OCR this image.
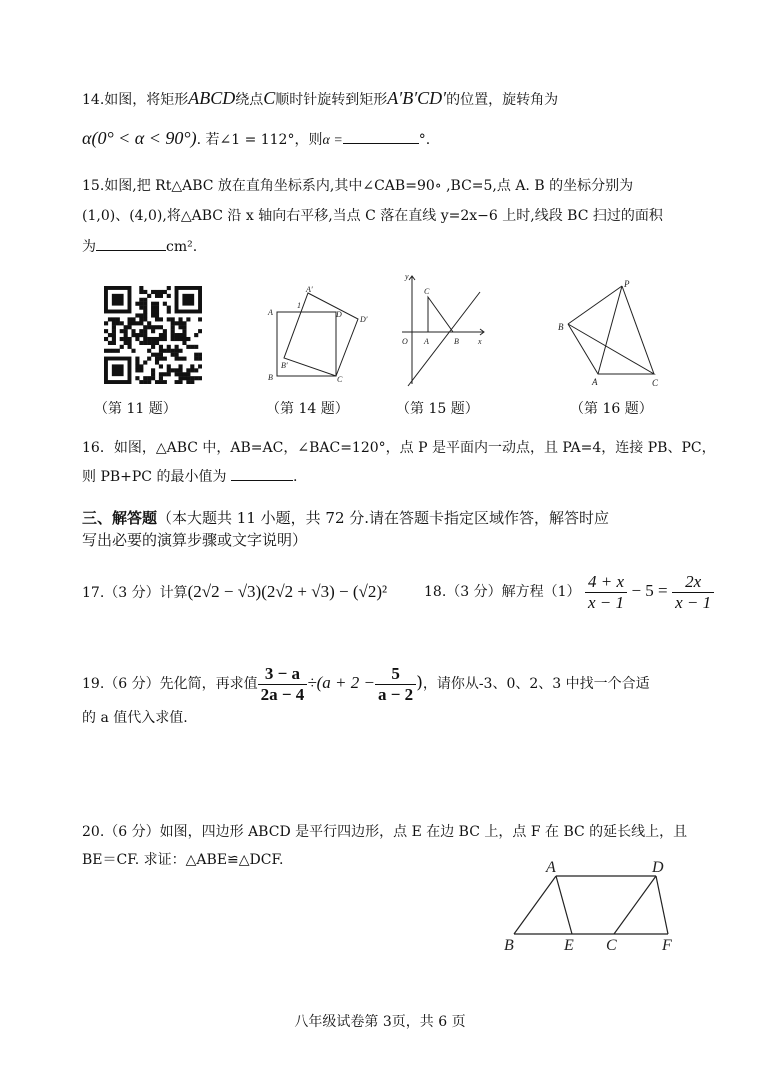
14.如图，将矩形ABCD绕点C顺时针旋转到矩形A′B′CD′的位置，旋转角为
α(0° < α < 90°). 若∠1 = 112°，则α =	°.
15.如图,把 Rt△ABC 放在直角坐标系内,其中∠CAB=90∘ ,BC=5,点 A. B 的坐标分别为
(1,0)、(4,0),将△ABC 沿 x 轴向右平移,当点 C 落在直线 y=2x−6 上时,线段 BC 扫过的面积
为	cm².
A
B	C
D
A′
B′
D′
1
y
x
C
O A	B
P
B
A	C
（第 11 题）	（第 14 题）	（第 15 题）	（第 16 题）
16．如图，△ABC 中，AB=AC，∠BAC=120°，点 P 是平面内一动点，且 PA=4，连接 PB、PC，
则 PB+PC 的最小值为	.
三、解答题（本大题共 11 小题，共 72 分.请在答题卡指定区域作答，解答时应
写出必要的演算步骤或文字说明）
17.（3 分）计算(2√2 − √3)(2√2 + √3) − (√2)²	18.（3 分）解方程$(1) \frac{4 + x}{x - 1} - 5 = \frac{2x}{x - 1}$
19.（6 分）先化简，再求值 $\frac{3 - a}{2a - 4} \div(a + 2 - \frac{5}{a - 2}$ )，请你从-3、0、2、3 中找一个合适
的 a 值代入求值.
20.（6 分）如图，四边形 ABCD 是平行四边形，点 E 在边 BC 上，点 F 在 BC 的延长线上，且
BE＝CF. 求证：△ABE≌△DCF.	A	D
B	E C	F
八年级试卷第 3页，共 6 页
